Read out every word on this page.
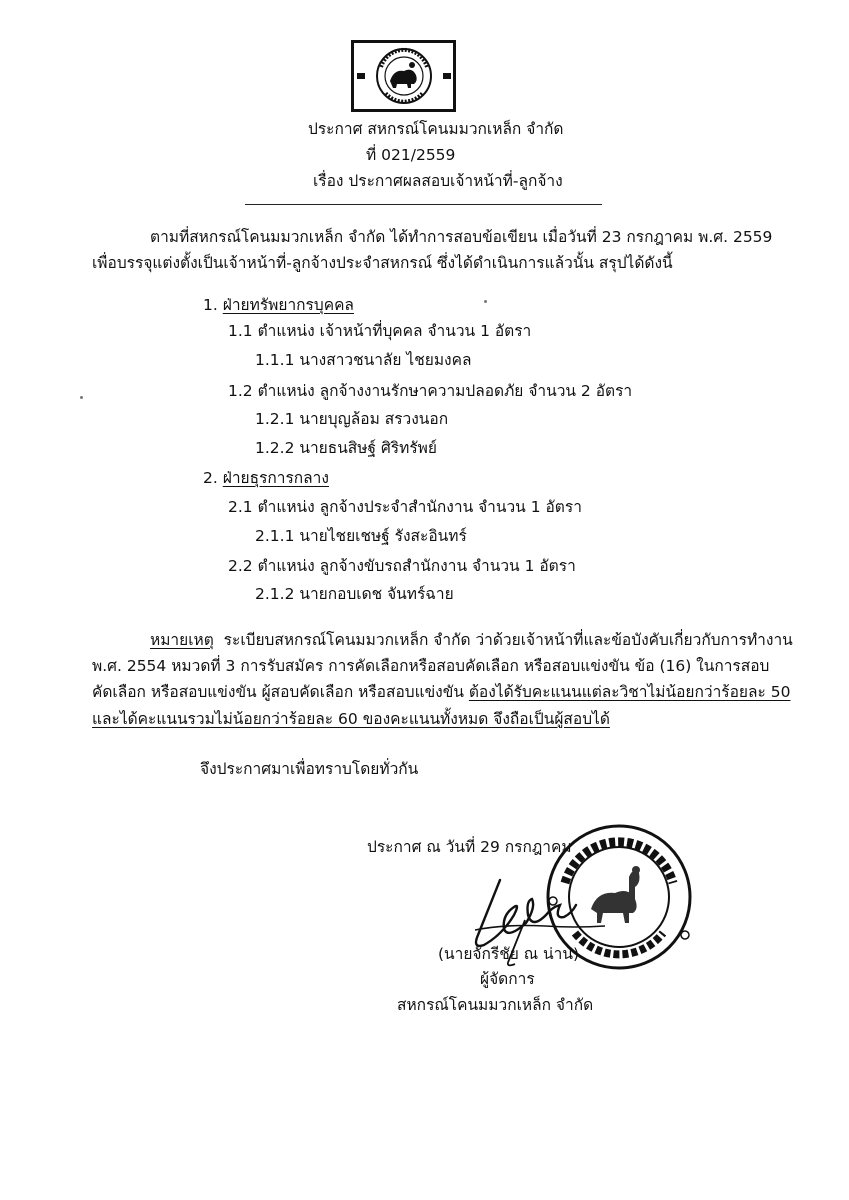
ประกาศ สหกรณ์โคนมมวกเหล็ก จำกัด
ที่ 021/2559
เรื่อง ประกาศผลสอบเจ้าหน้าที่-ลูกจ้าง
ตามที่สหกรณ์โคนมมวกเหล็ก จำกัด ได้ทำการสอบข้อเขียน เมื่อวันที่ 23 กรกฎาคม พ.ศ. 2559
เพื่อบรรจุแต่งตั้งเป็นเจ้าหน้าที่-ลูกจ้างประจำสหกรณ์ ซึ่งได้ดำเนินการแล้วนั้น สรุปได้ดังนี้
1. ฝ่ายทรัพยากรบุคคล
1.1 ตำแหน่ง เจ้าหน้าที่บุคคล จำนวน 1 อัตรา
1.1.1 นางสาวชนาลัย ไชยมงคล
1.2 ตำแหน่ง ลูกจ้างงานรักษาความปลอดภัย จำนวน 2 อัตรา
1.2.1 นายบุญล้อม สรวงนอก
1.2.2 นายธนสิษฐ์ ศิริทรัพย์
2. ฝ่ายธุรการกลาง
2.1 ตำแหน่ง ลูกจ้างประจำสำนักงาน จำนวน 1 อัตรา
2.1.1 นายไชยเชษฐ์ รังสะอินทร์
2.2 ตำแหน่ง ลูกจ้างขับรถสำนักงาน จำนวน 1 อัตรา
2.1.2 นายกอบเดช จันทร์ฉาย
หมายเหตุ ระเบียบสหกรณ์โคนมมวกเหล็ก จำกัด ว่าด้วยเจ้าหน้าที่และข้อบังคับเกี่ยวกับการทำงาน
พ.ศ. 2554 หมวดที่ 3 การรับสมัคร การคัดเลือกหรือสอบคัดเลือก หรือสอบแข่งขัน ข้อ (16) ในการสอบ
คัดเลือก หรือสอบแข่งขัน ผู้สอบคัดเลือก หรือสอบแข่งขัน ต้องได้รับคะแนนแต่ละวิชาไม่น้อยกว่าร้อยละ 50
และได้คะแนนรวมไม่น้อยกว่าร้อยละ 60 ของคะแนนทั้งหมด จึงถือเป็นผู้สอบได้
จึงประกาศมาเพื่อทราบโดยทั่วกัน
ประกาศ ณ วันที่ 29 กรกฎาคม
(นายจักรีชัย ณ น่าน)
ผู้จัดการ
สหกรณ์โคนมมวกเหล็ก จำกัด
